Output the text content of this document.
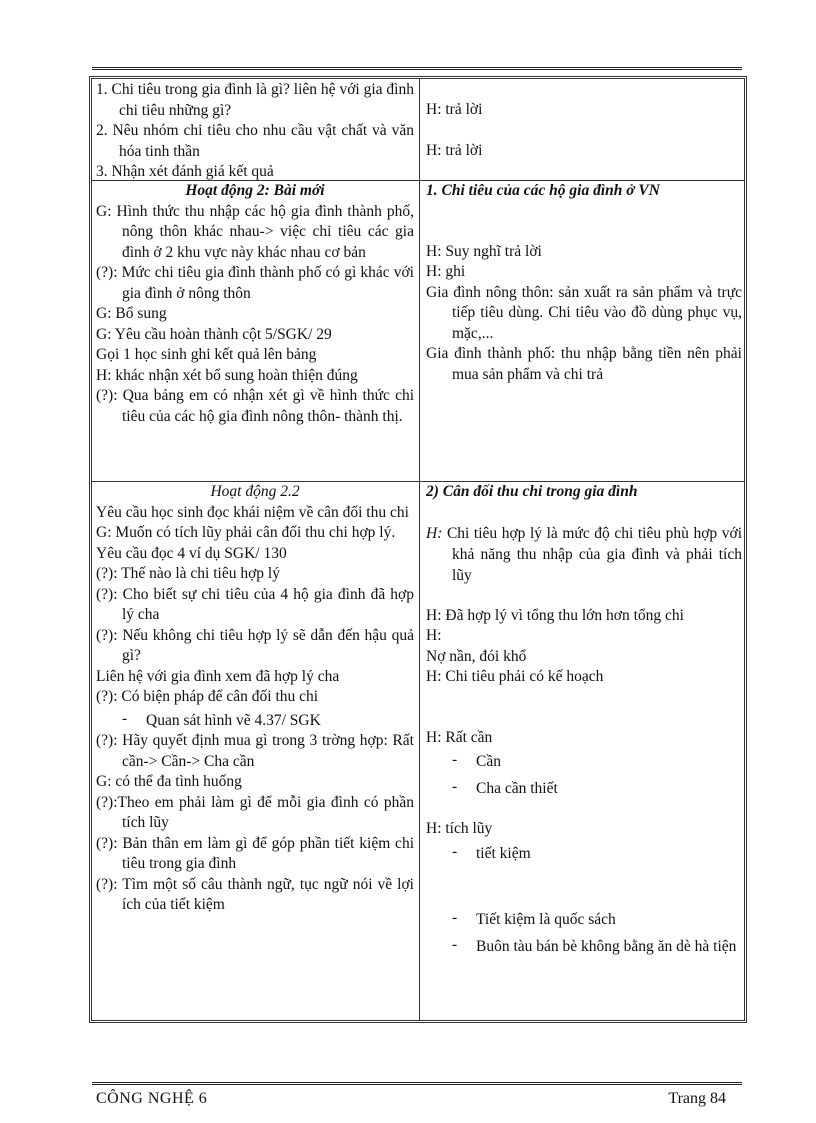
1. Chi tiêu trong gia đình là gì? liên hệ với gia đình chi tiêu những gì?

2. Nêu nhóm chi tiêu cho nhu cầu vật chất và văn hóa tinh thần

3. Nhận xét đánh giá kết quả

H: trả lời

H: trả lời

Hoạt động 2: Bài mới

G: Hình thức thu nhập các hộ gia đình thành phố, nông thôn khác nhau-> việc chi tiêu các gia đình ở 2 khu vực này khác nhau cơ bản

(?): Mức chi tiêu gia đình thành phố có gì khác với gia đình ở nông thôn

G: Bổ sung

G: Yêu cầu hoàn thành cột 5/SGK/ 29

Gọi 1 học sinh ghi kết quả lên bảng

H: khác nhận xét bổ sung hoàn thiện đúng

(?): Qua bảng em có nhận xét gì về hình thức chi tiêu của các hộ gia đình nông thôn- thành thị.

1. Chi tiêu của các hộ gia đình ở VN

H: Suy nghĩ trả lời

H: ghi

Gia đình nông thôn: sản xuất ra sản phẩm và trực tiếp tiêu dùng. Chi tiêu vào đồ dùng phục vụ, mặc,...

Gia đình thành phố: thu nhập bằng tiền nên phải mua sản phẩm và chi trả

Hoạt động 2.2

Yêu cầu học sinh đọc khái niệm về cân đối thu chi

G: Muốn có tích lũy phải cân đối thu chi hợp lý.

Yêu cầu đọc 4 ví dụ SGK/ 130

(?): Thế nào là chi tiêu hợp lý

(?): Cho biết sự chi tiêu của 4 hộ gia đình đã hợp lý cha

(?): Nếu không chi tiêu hợp lý sẽ dẫn đến hậu quả gì?

Liên hệ với gia đình xem đã hợp lý cha

(?): Có biện pháp để cân đối thu chi

- Quan sát hình vẽ 4.37/ SGK

(?): Hãy quyết định mua gì trong 3 trờng hợp: Rất cần-> Cần-> Cha cần

G: có thể đa tình huống

(?):Theo em phải làm gì để mỗi gia đình có phần tích lũy

(?): Bản thân em làm gì để góp phần tiết kiệm chi tiêu trong gia đình

(?): Tìm một số câu thành ngữ, tục ngữ nói về lợi ích của tiết kiệm

2) Cân đối thu chi trong gia đình

H: Chi tiêu hợp lý là mức độ chi tiêu phù hợp với khả năng thu nhập của gia đình và phải tích lũy

H: Đã hợp lý vì tổng thu lớn hơn tổng chi

H:

Nợ nần, đói khổ

H: Chi tiêu phải có kế hoạch

H: Rất cần

- Cần

- Cha cần thiết

H: tích lũy

- tiết kiệm

- Tiết kiệm là quốc sách

- Buôn tàu bán bè không bằng ăn dè hà tiện

CÔNG NGHỆ 6	Trang 84
